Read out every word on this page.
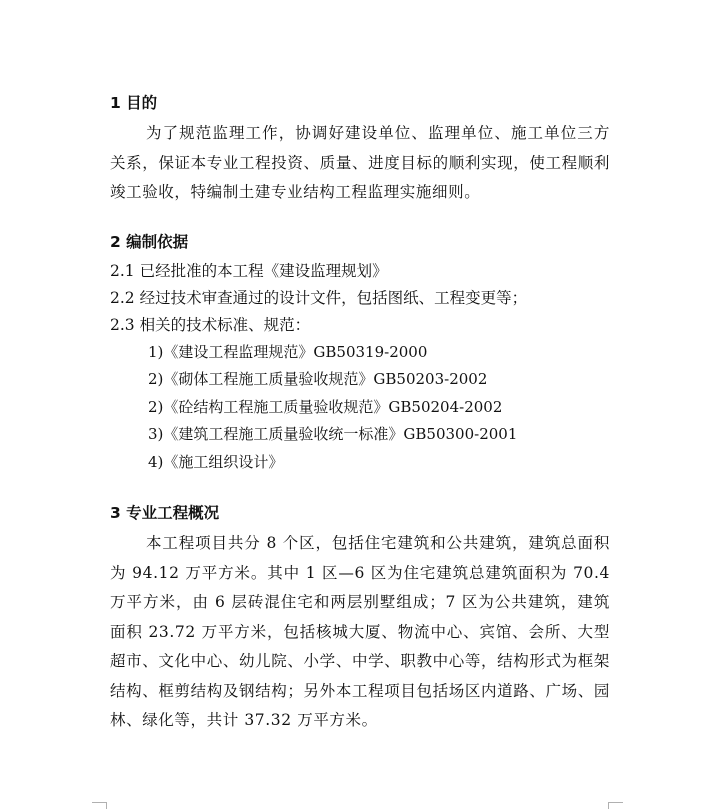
1 目的

为了规范监理工作，协调好建设单位、监理单位、施工单位三方关系，保证本专业工程投资、质量、进度目标的顺利实现，使工程顺利竣工验收，特编制土建专业结构工程监理实施细则。

2 编制依据

2.1 已经批准的本工程《建设监理规划》

2.2 经过技术审查通过的设计文件，包括图纸、工程变更等；

2.3 相关的技术标准、规范：

1)《建设工程监理规范》GB50319-2000

2)《砌体工程施工质量验收规范》GB50203-2002

2)《砼结构工程施工质量验收规范》GB50204-2002

3)《建筑工程施工质量验收统一标准》GB50300-2001

4)《施工组织设计》

3 专业工程概况

本工程项目共分 8 个区，包括住宅建筑和公共建筑，建筑总面积为 94.12 万平方米。其中 1 区—6 区为住宅建筑总建筑面积为 70.4 万平方米，由 6 层砖混住宅和两层别墅组成；7 区为公共建筑，建筑面积 23.72 万平方米，包括核城大厦、物流中心、宾馆、会所、大型超市、文化中心、幼儿院、小学、中学、职教中心等，结构形式为框架结构、框剪结构及钢结构；另外本工程项目包括场区内道路、广场、园林、绿化等，共计 37.32 万平方米。
